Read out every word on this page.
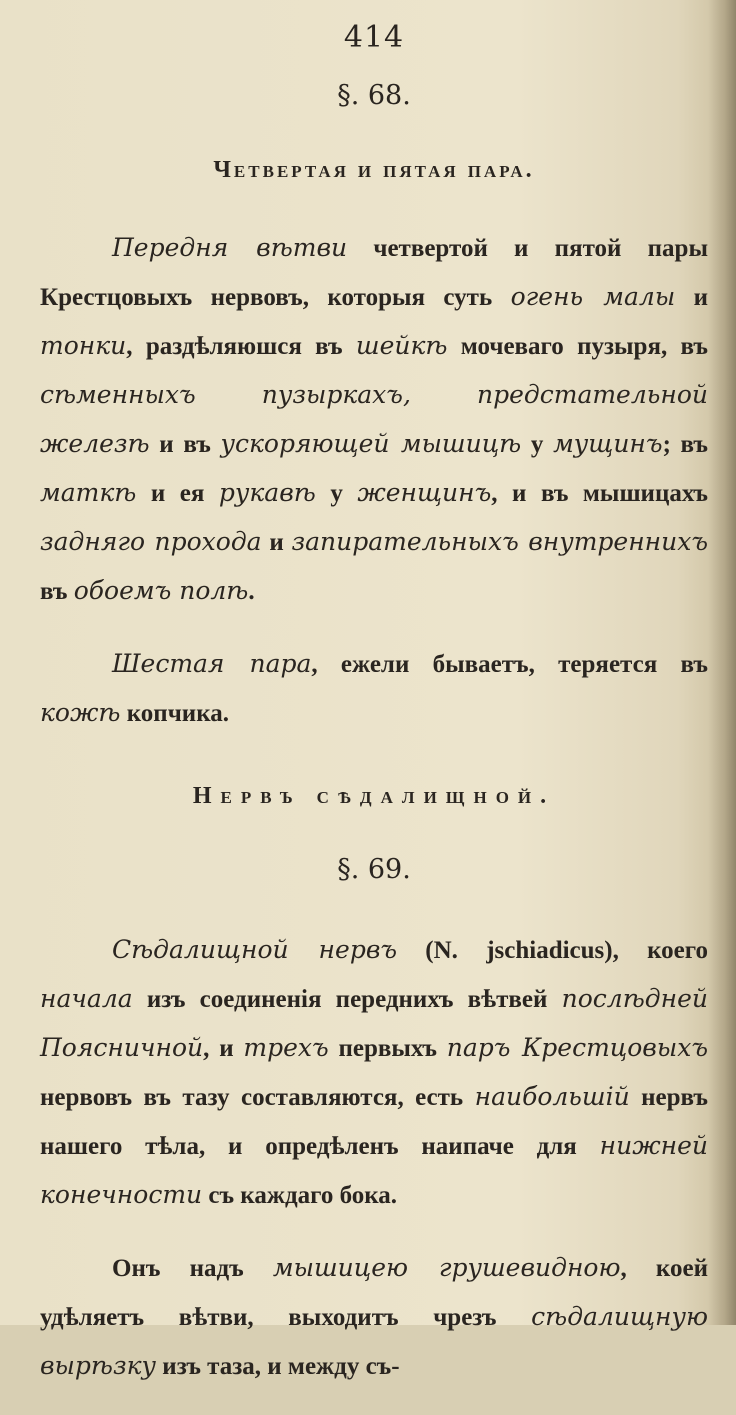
414
§. 68.
Четвертая и пятая пара.

Передня вѣтви четвертой и пятой пары Крестцовыхъ нервовъ, которыя суть огень малы и тонки, раздѣляюшся въ шейкѣ мочеваго пузыря, въ сѣменныхъ пузыркахъ, предстательной железѣ и въ ускоряющей мышицѣ у мущинъ; въ маткѣ и ея рукавѣ у женщинъ, и въ мышицахъ задняго прохода и запирательныхъ внутреннихъ въ обоемъ полѣ.

Шестая пара, ежели бываетъ, теряется въ кожѣ копчика.

Нервъ сѣдалищной.
§. 69.

Сѣдалищной нервъ (N. jschiadicus), коего начала изъ соединенія переднихъ вѣтвей послѣдней Поясничной, и трехъ первыхъ паръ Крестцовыхъ нервовъ въ тазу составляются, есть наибольшій нервъ нашего тѣла, и опредѣленъ наипаче для нижней конечности съ каждаго бока.

Онъ надъ мышицею грушевидною, коей удѣляетъ вѣтви, выходитъ чрезъ сѣдалищную вырѣзку изъ таза, и между съ-
